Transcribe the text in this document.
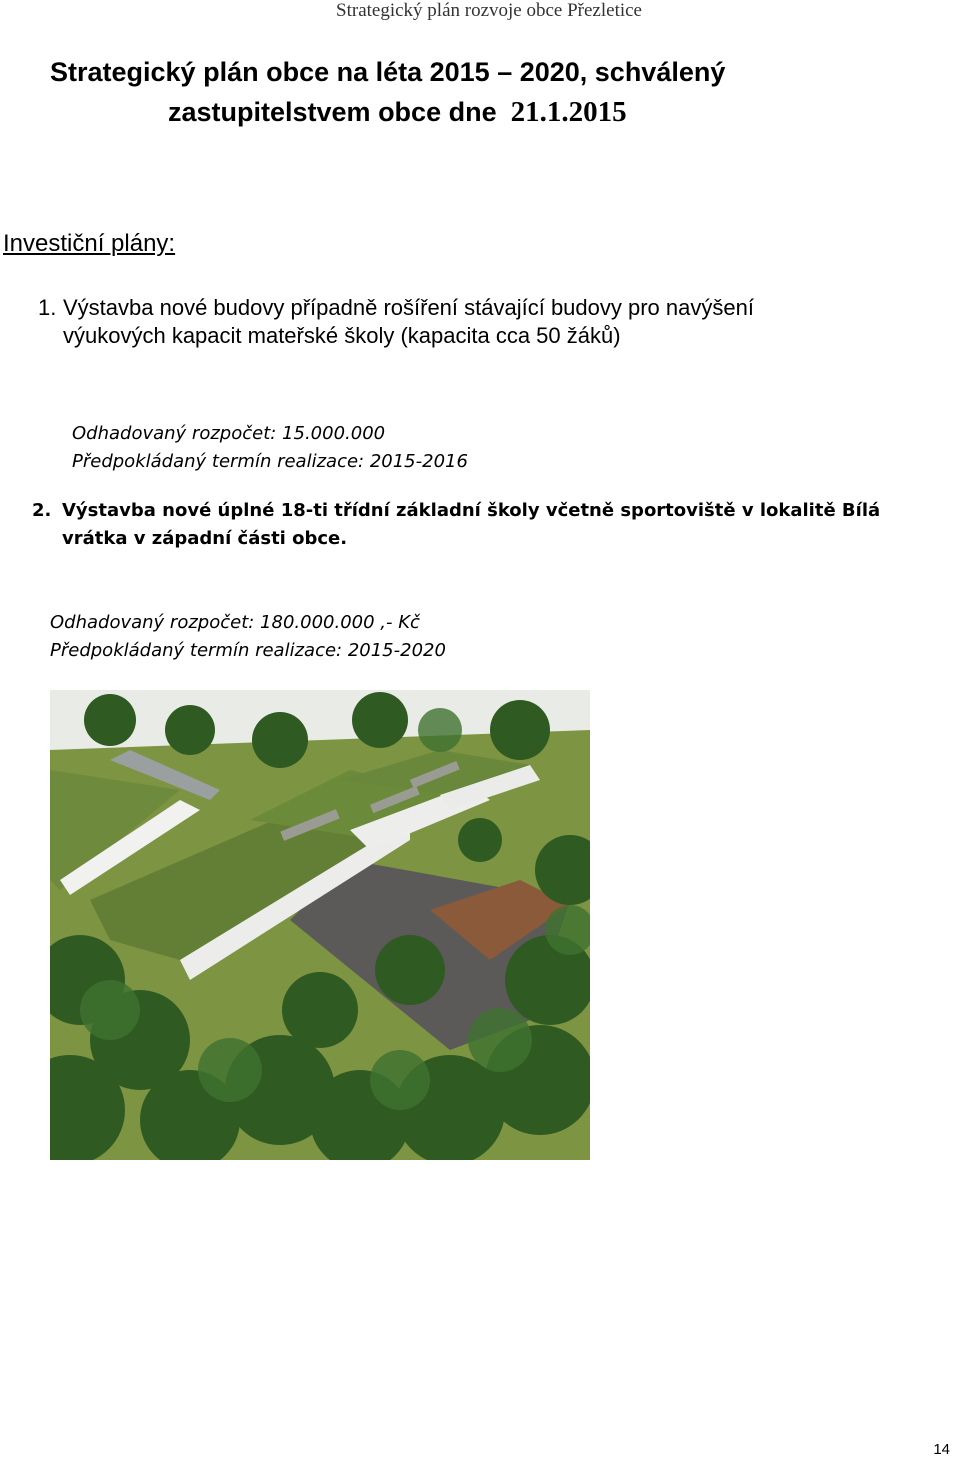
Strategický plán rozvoje obce Přezletice
Strategický plán obce na léta 2015 – 2020, schválený
zastupitelstvem obce dne 21.1.2015
Investiční plány:
1. Výstavba nové budovy případně rošíření stávající budovy pro navýšení výukových kapacit mateřské školy (kapacita cca 50 žáků)
Odhadovaný rozpočet: 15.000.000
Předpokládaný termín realizace: 2015-2016
2. Výstavba nové úplné 18-ti třídní základní školy včetně sportoviště v lokalitě Bílá vrátka v západní části obce.
Odhadovaný rozpočet: 180.000.000 ,- Kč
Předpokládaný termín realizace: 2015-2020
14
